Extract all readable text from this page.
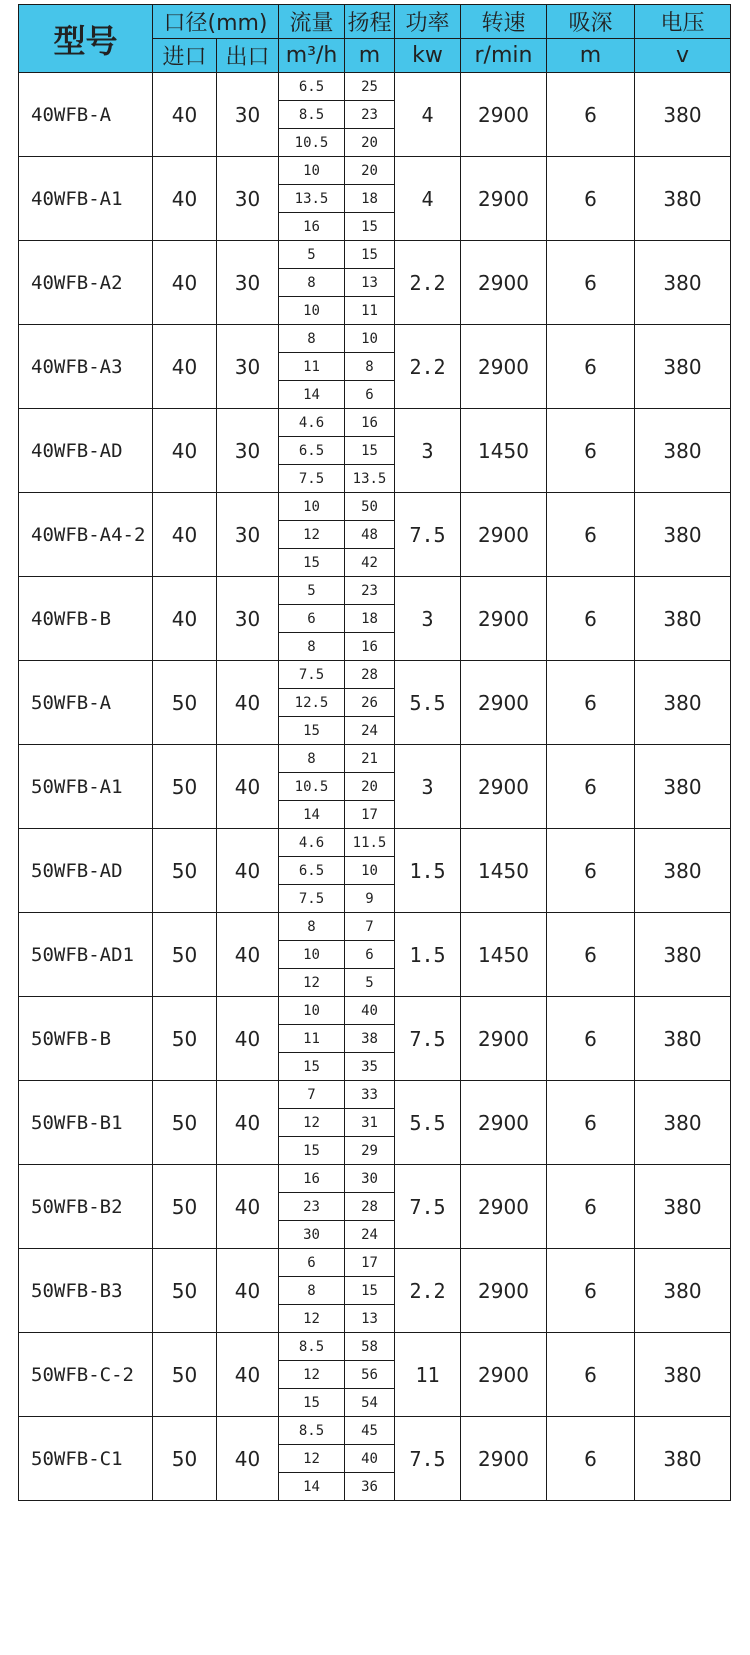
型号	口径(mm)		流量	扬程	功率	转速	吸深	电压
	进口	出口	m³/h	m	kw	r/min	m	v
40WFB-A	40	30	6.5	25	4	2900	6	380
			8.5	23				
			10.5	20				
40WFB-A1	40	30	10	20	4	2900	6	380
			13.5	18				
			16	15				
40WFB-A2	40	30	5	15	2.2	2900	6	380
			8	13				
			10	11				
40WFB-A3	40	30	8	10	2.2	2900	6	380
			11	8				
			14	6				
40WFB-AD	40	30	4.6	16	3	1450	6	380
			6.5	15				
			7.5	13.5				
40WFB-A4-2	40	30	10	50	7.5	2900	6	380
			12	48				
			15	42				
40WFB-B	40	30	5	23	3	2900	6	380
			6	18				
			8	16				
50WFB-A	50	40	7.5	28	5.5	2900	6	380
			12.5	26				
			15	24				
50WFB-A1	50	40	8	21	3	2900	6	380
			10.5	20				
			14	17				
50WFB-AD	50	40	4.6	11.5	1.5	1450	6	380
			6.5	10				
			7.5	9				
50WFB-AD1	50	40	8	7	1.5	1450	6	380
			10	6				
			12	5				
50WFB-B	50	40	10	40	7.5	2900	6	380
			11	38				
			15	35				
50WFB-B1	50	40	7	33	5.5	2900	6	380
			12	31				
			15	29				
50WFB-B2	50	40	16	30	7.5	2900	6	380
			23	28				
			30	24				
50WFB-B3	50	40	6	17	2.2	2900	6	380
			8	15				
			12	13				
50WFB-C-2	50	40	8.5	58	11	2900	6	380
			12	56				
			15	54				
50WFB-C1	50	40	8.5	45	7.5	2900	6	380
			12	40				
			14	36				
